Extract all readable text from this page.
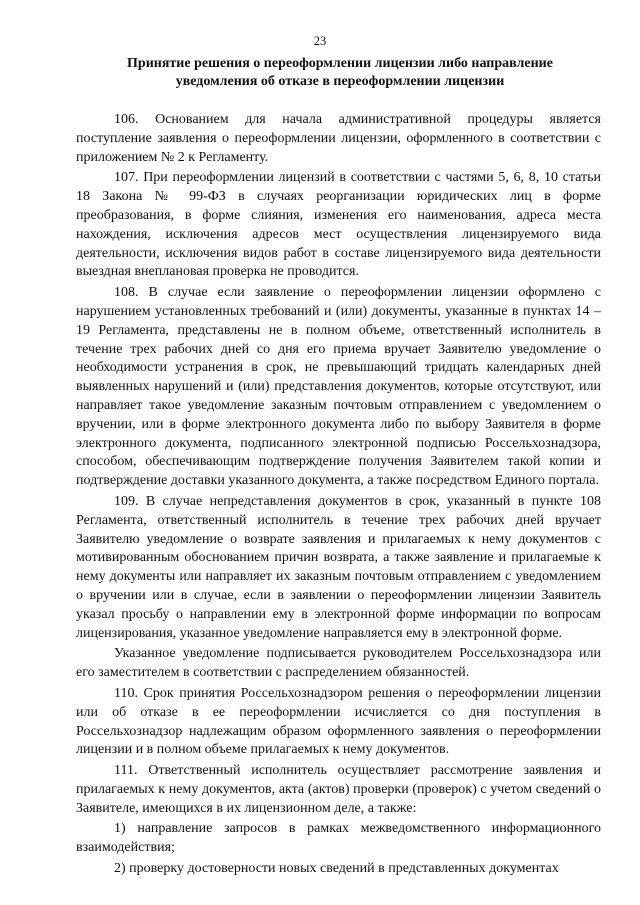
23
Принятие решения о переоформлении лицензии либо направление
уведомления об отказе в переоформлении лицензии

106. Основанием для начала административной процедуры является поступление заявления о переоформлении лицензии, оформленного в соответствии с приложением № 2 к Регламенту.

107. При переоформлении лицензий в соответствии с частями 5, 6, 8, 10 статьи 18 Закона № 99-ФЗ в случаях реорганизации юридических лиц в форме преобразования, в форме слияния, изменения его наименования, адреса места нахождения, исключения адресов мест осуществления лицензируемого вида деятельности, исключения видов работ в составе лицензируемого вида деятельности выездная внеплановая проверка не проводится.

108. В случае если заявление о переоформлении лицензии оформлено с нарушением установленных требований и (или) документы, указанные в пунктах 14 – 19 Регламента, представлены не в полном объеме, ответственный исполнитель в течение трех рабочих дней со дня его приема вручает Заявителю уведомление о необходимости устранения в срок, не превышающий тридцать календарных дней выявленных нарушений и (или) представления документов, которые отсутствуют, или направляет такое уведомление заказным почтовым отправлением с уведомлением о вручении, или в форме электронного документа либо по выбору Заявителя в форме электронного документа, подписанного электронной подписью Россельхознадзора, способом, обеспечивающим подтверждение получения Заявителем такой копии и подтверждение доставки указанного документа, а также посредством Единого портала.

109. В случае непредставления документов в срок, указанный в пункте 108 Регламента, ответственный исполнитель в течение трех рабочих дней вручает Заявителю уведомление о возврате заявления и прилагаемых к нему документов с мотивированным обоснованием причин возврата, а также заявление и прилагаемые к нему документы или направляет их заказным почтовым отправлением с уведомлением о вручении или в случае, если в заявлении о переоформлении лицензии Заявитель указал просьбу о направлении ему в электронной форме информации по вопросам лицензирования, указанное уведомление направляется ему в электронной форме.

Указанное уведомление подписывается руководителем Россельхознадзора или его заместителем в соответствии с распределением обязанностей.

110. Срок принятия Россельхознадзором решения о переоформлении лицензии или об отказе в ее переоформлении исчисляется со дня поступления в Россельхознадзор надлежащим образом оформленного заявления о переоформлении лицензии и в полном объеме прилагаемых к нему документов.

111. Ответственный исполнитель осуществляет рассмотрение заявления и прилагаемых к нему документов, акта (актов) проверки (проверок) с учетом сведений о Заявителе, имеющихся в их лицензионном деле, а также:

1) направление запросов в рамках межведомственного информационного взаимодействия;

2) проверку достоверности новых сведений в представленных документах
